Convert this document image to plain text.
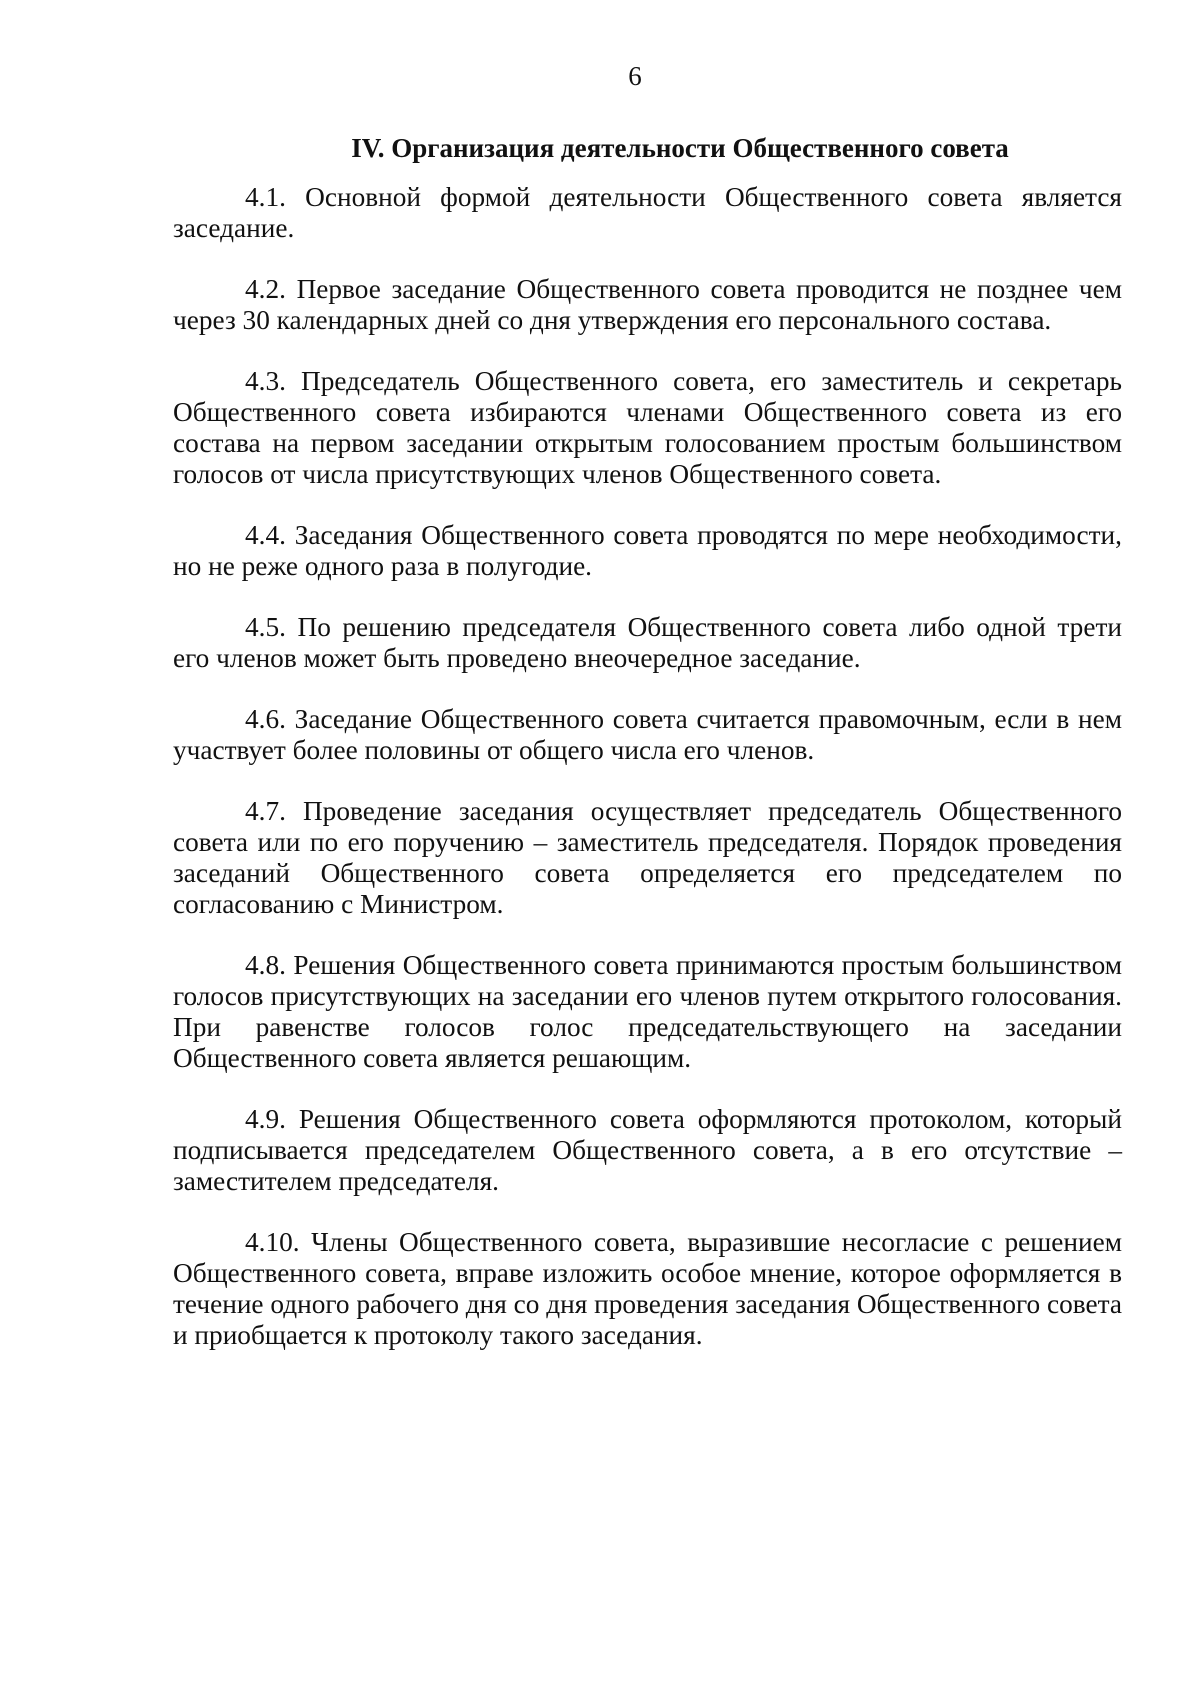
6
IV. Организация деятельности Общественного совета

4.1. Основной формой деятельности Общественного совета является заседание.

4.2. Первое заседание Общественного совета проводится не позднее чем через 30 календарных дней со дня утверждения его персонального состава.

4.3. Председатель Общественного совета, его заместитель и секретарь Общественного совета избираются членами Общественного совета из его состава на первом заседании открытым голосованием простым большинством голосов от числа присутствующих членов Общественного совета.

4.4. Заседания Общественного совета проводятся по мере необходимости, но не реже одного раза в полугодие.

4.5. По решению председателя Общественного совета либо одной трети его членов может быть проведено внеочередное заседание.

4.6. Заседание Общественного совета считается правомочным, если в нем участвует более половины от общего числа его членов.

4.7. Проведение заседания осуществляет председатель Общественного совета или по его поручению – заместитель председателя. Порядок проведения заседаний Общественного совета определяется его председателем по согласованию с Министром.

4.8. Решения Общественного совета принимаются простым большинством голосов присутствующих на заседании его членов путем открытого голосования. При равенстве голосов голос председательствующего на заседании Общественного совета является решающим.

4.9. Решения Общественного совета оформляются протоколом, который подписывается председателем Общественного совета, а в его отсутствие – заместителем председателя.

4.10. Члены Общественного совета, выразившие несогласие с решением Общественного совета, вправе изложить особое мнение, которое оформляется в течение одного рабочего дня со дня проведения заседания Общественного совета и приобщается к протоколу такого заседания.
